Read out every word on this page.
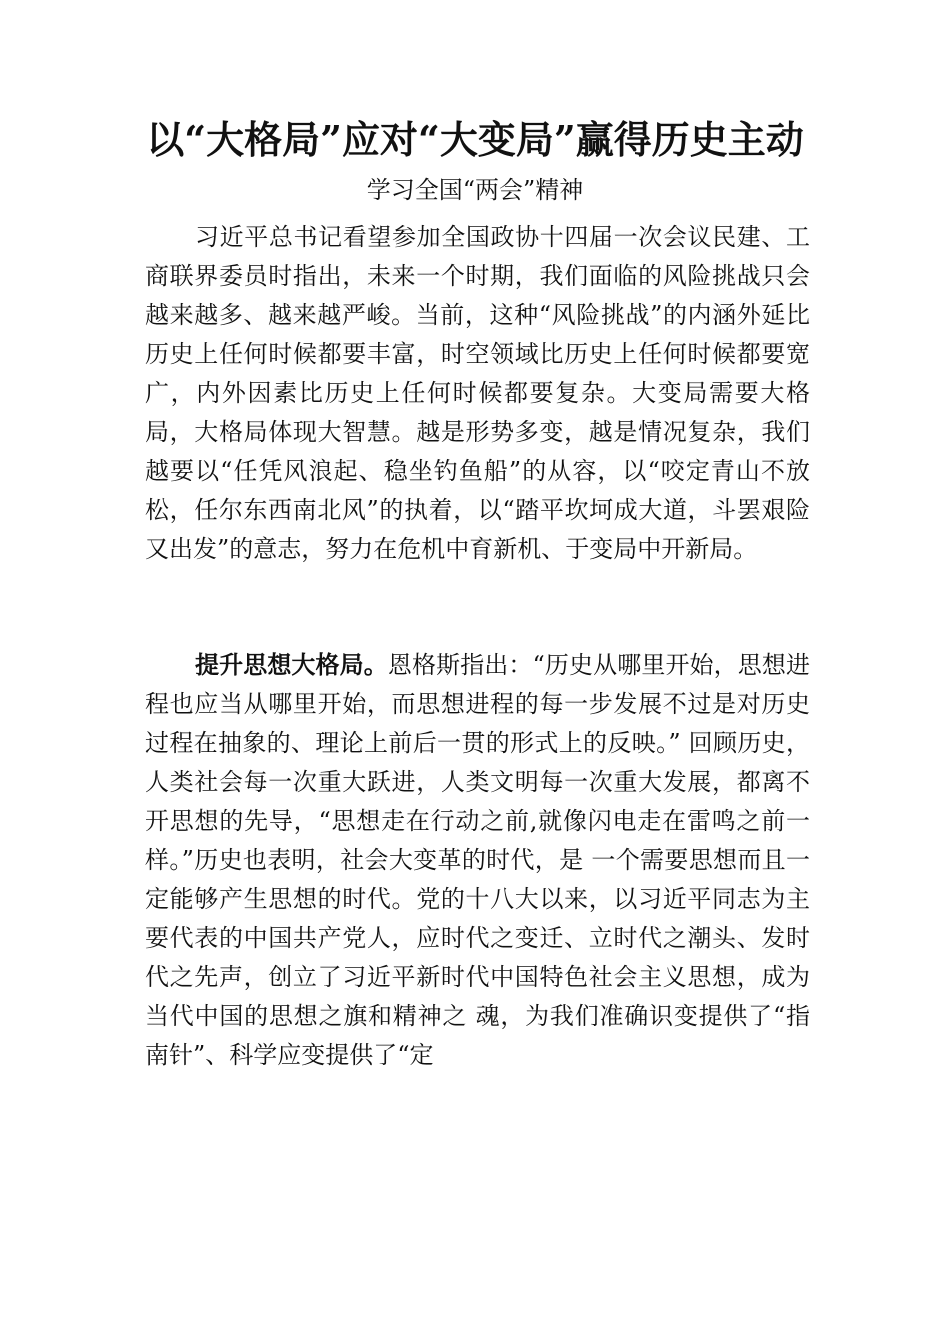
以“大格局”应对“大变局”赢得历史主动
学习全国“两会”精神

习近平总书记看望参加全国政协十四届一次会议民建、工商联界委员时指出，未来一个时期，我们面临的风险挑战只会越来越多、越来越严峻。当前，这种“风险挑战”的内涵外延比历史上任何时候都要丰富，时空领域比历史上任何时候都要宽广，内外因素比历史上任何时候都要复杂。大变局需要大格局，大格局体现大智慧。越是形势多变，越是情况复杂，我们越要以“任凭风浪起、稳坐钓鱼船”的从容，以“咬定青山不放松，任尔东西南北风”的执着，以“踏平坎坷成大道，斗罢艰险又出发”的意志，努力在危机中育新机、于变局中开新局。

提升思想大格局。恩格斯指出：“历史从哪里开始，思想进程也应当从哪里开始，而思想进程的每一步发展不过是对历史过程在抽象的、理论上前后一贯的形式上的反映。” 回顾历史，人类社会每一次重大跃进，人类文明每一次重大发展，都离不开思想的先导，“思想走在行动之前,就像闪电走在雷鸣之前一样。”历史也表明，社会大变革的时代，是 一个需要思想而且一定能够产生思想的时代。党的十八大以来，以习近平同志为主要代表的中国共产党人，应时代之变迁、立时代之潮头、发时代之先声，创立了习近平新时代中国特色社会主义思想，成为当代中国的思想之旗和精神之 魂，为我们准确识变提供了“指南针”、科学应变提供了“定
